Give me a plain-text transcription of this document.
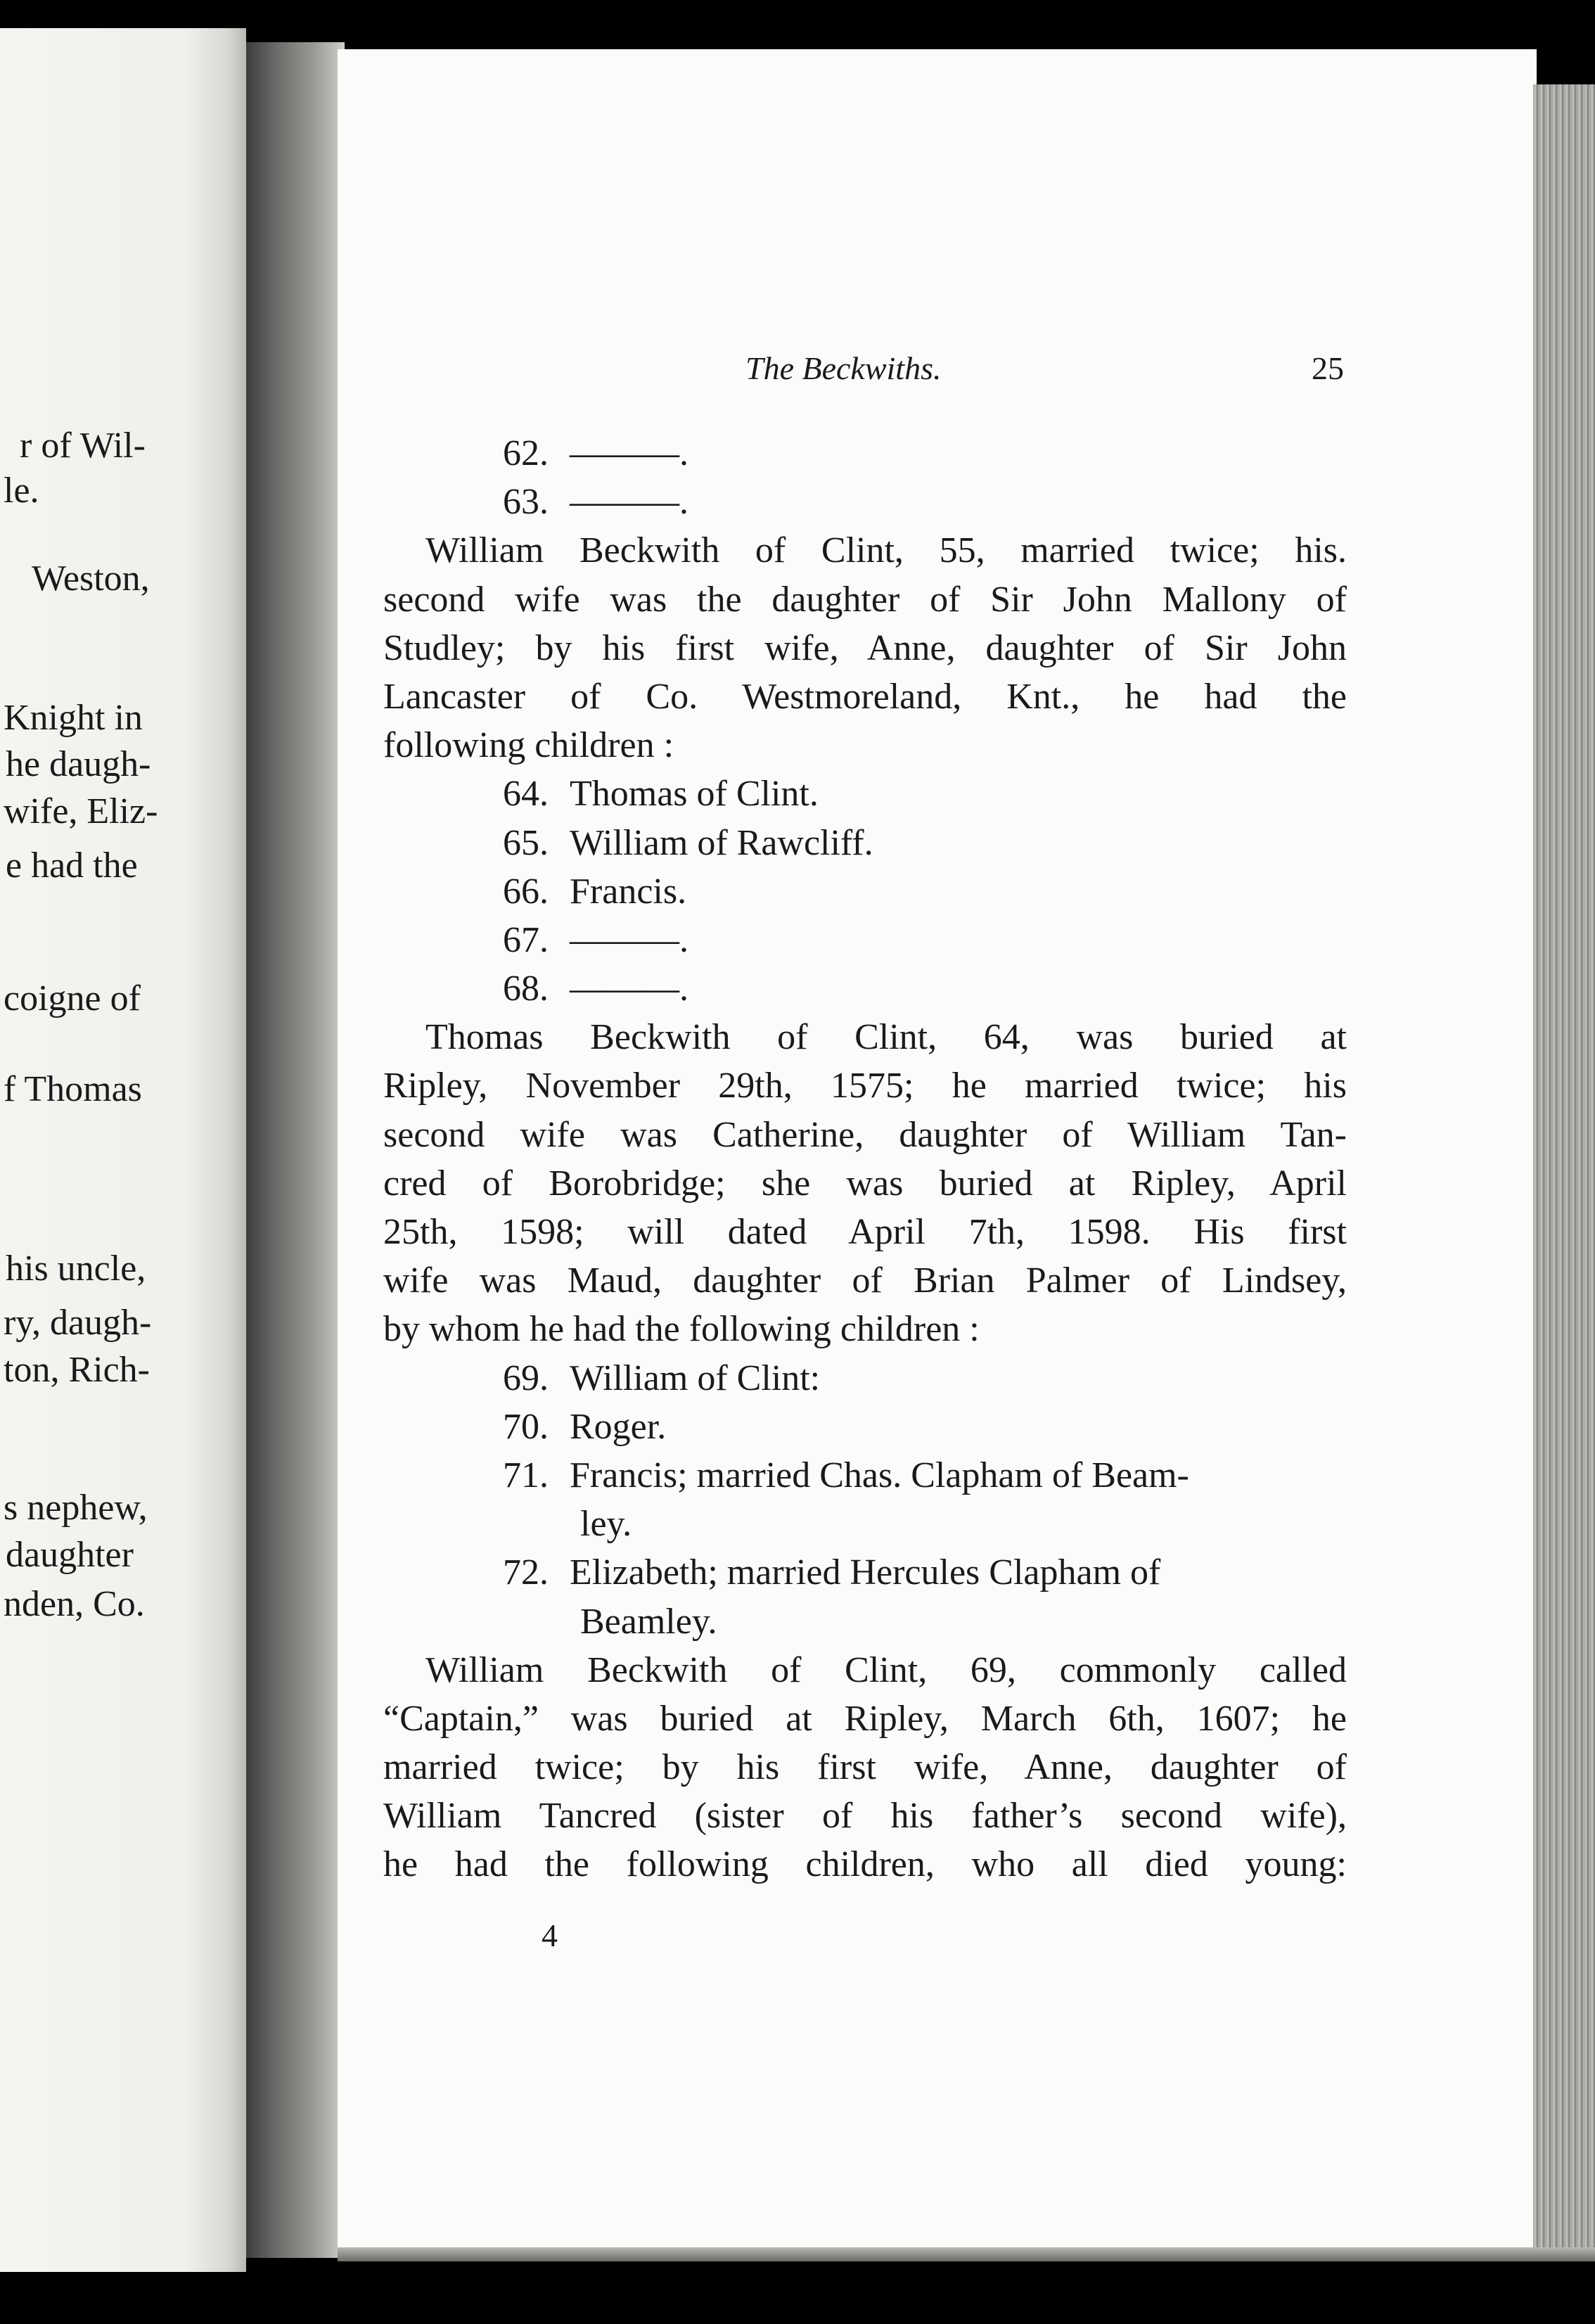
r of Wil-
le.
Weston,
Knight in
he daugh-
wife, Eliz-
e had the
coigne of
f Thomas
his uncle,
ry, daugh-
ton, Rich-
s nephew,
daughter
nden, Co.
The Beckwiths.	25
62. ———.
63. ———.
William Beckwith of Clint, 55, married twice; his.
second wife was the daughter of Sir John Mallony of
Studley; by his first wife, Anne, daughter of Sir John
Lancaster of Co. Westmoreland, Knt., he had the
following children :
64. Thomas of Clint.
65. William of Rawcliff.
66. Francis.
67. ———.
68. ———.
Thomas Beckwith of Clint, 64, was buried at
Ripley, November 29th, 1575; he married twice; his
second wife was Catherine, daughter of William Tan-
cred of Borobridge; she was buried at Ripley, April
25th, 1598; will dated April 7th, 1598. His first
wife was Maud, daughter of Brian Palmer of Lindsey,
by whom he had the following children :
69. William of Clint:
70. Roger.
71. Francis; married Chas. Clapham of Beam-
ley.
72. Elizabeth; married Hercules Clapham of
Beamley.
William Beckwith of Clint, 69, commonly called
“Captain,” was buried at Ripley, March 6th, 1607; he
married twice; by his first wife, Anne, daughter of
William Tancred (sister of his father’s second wife),
he had the following children, who all died young:
4
